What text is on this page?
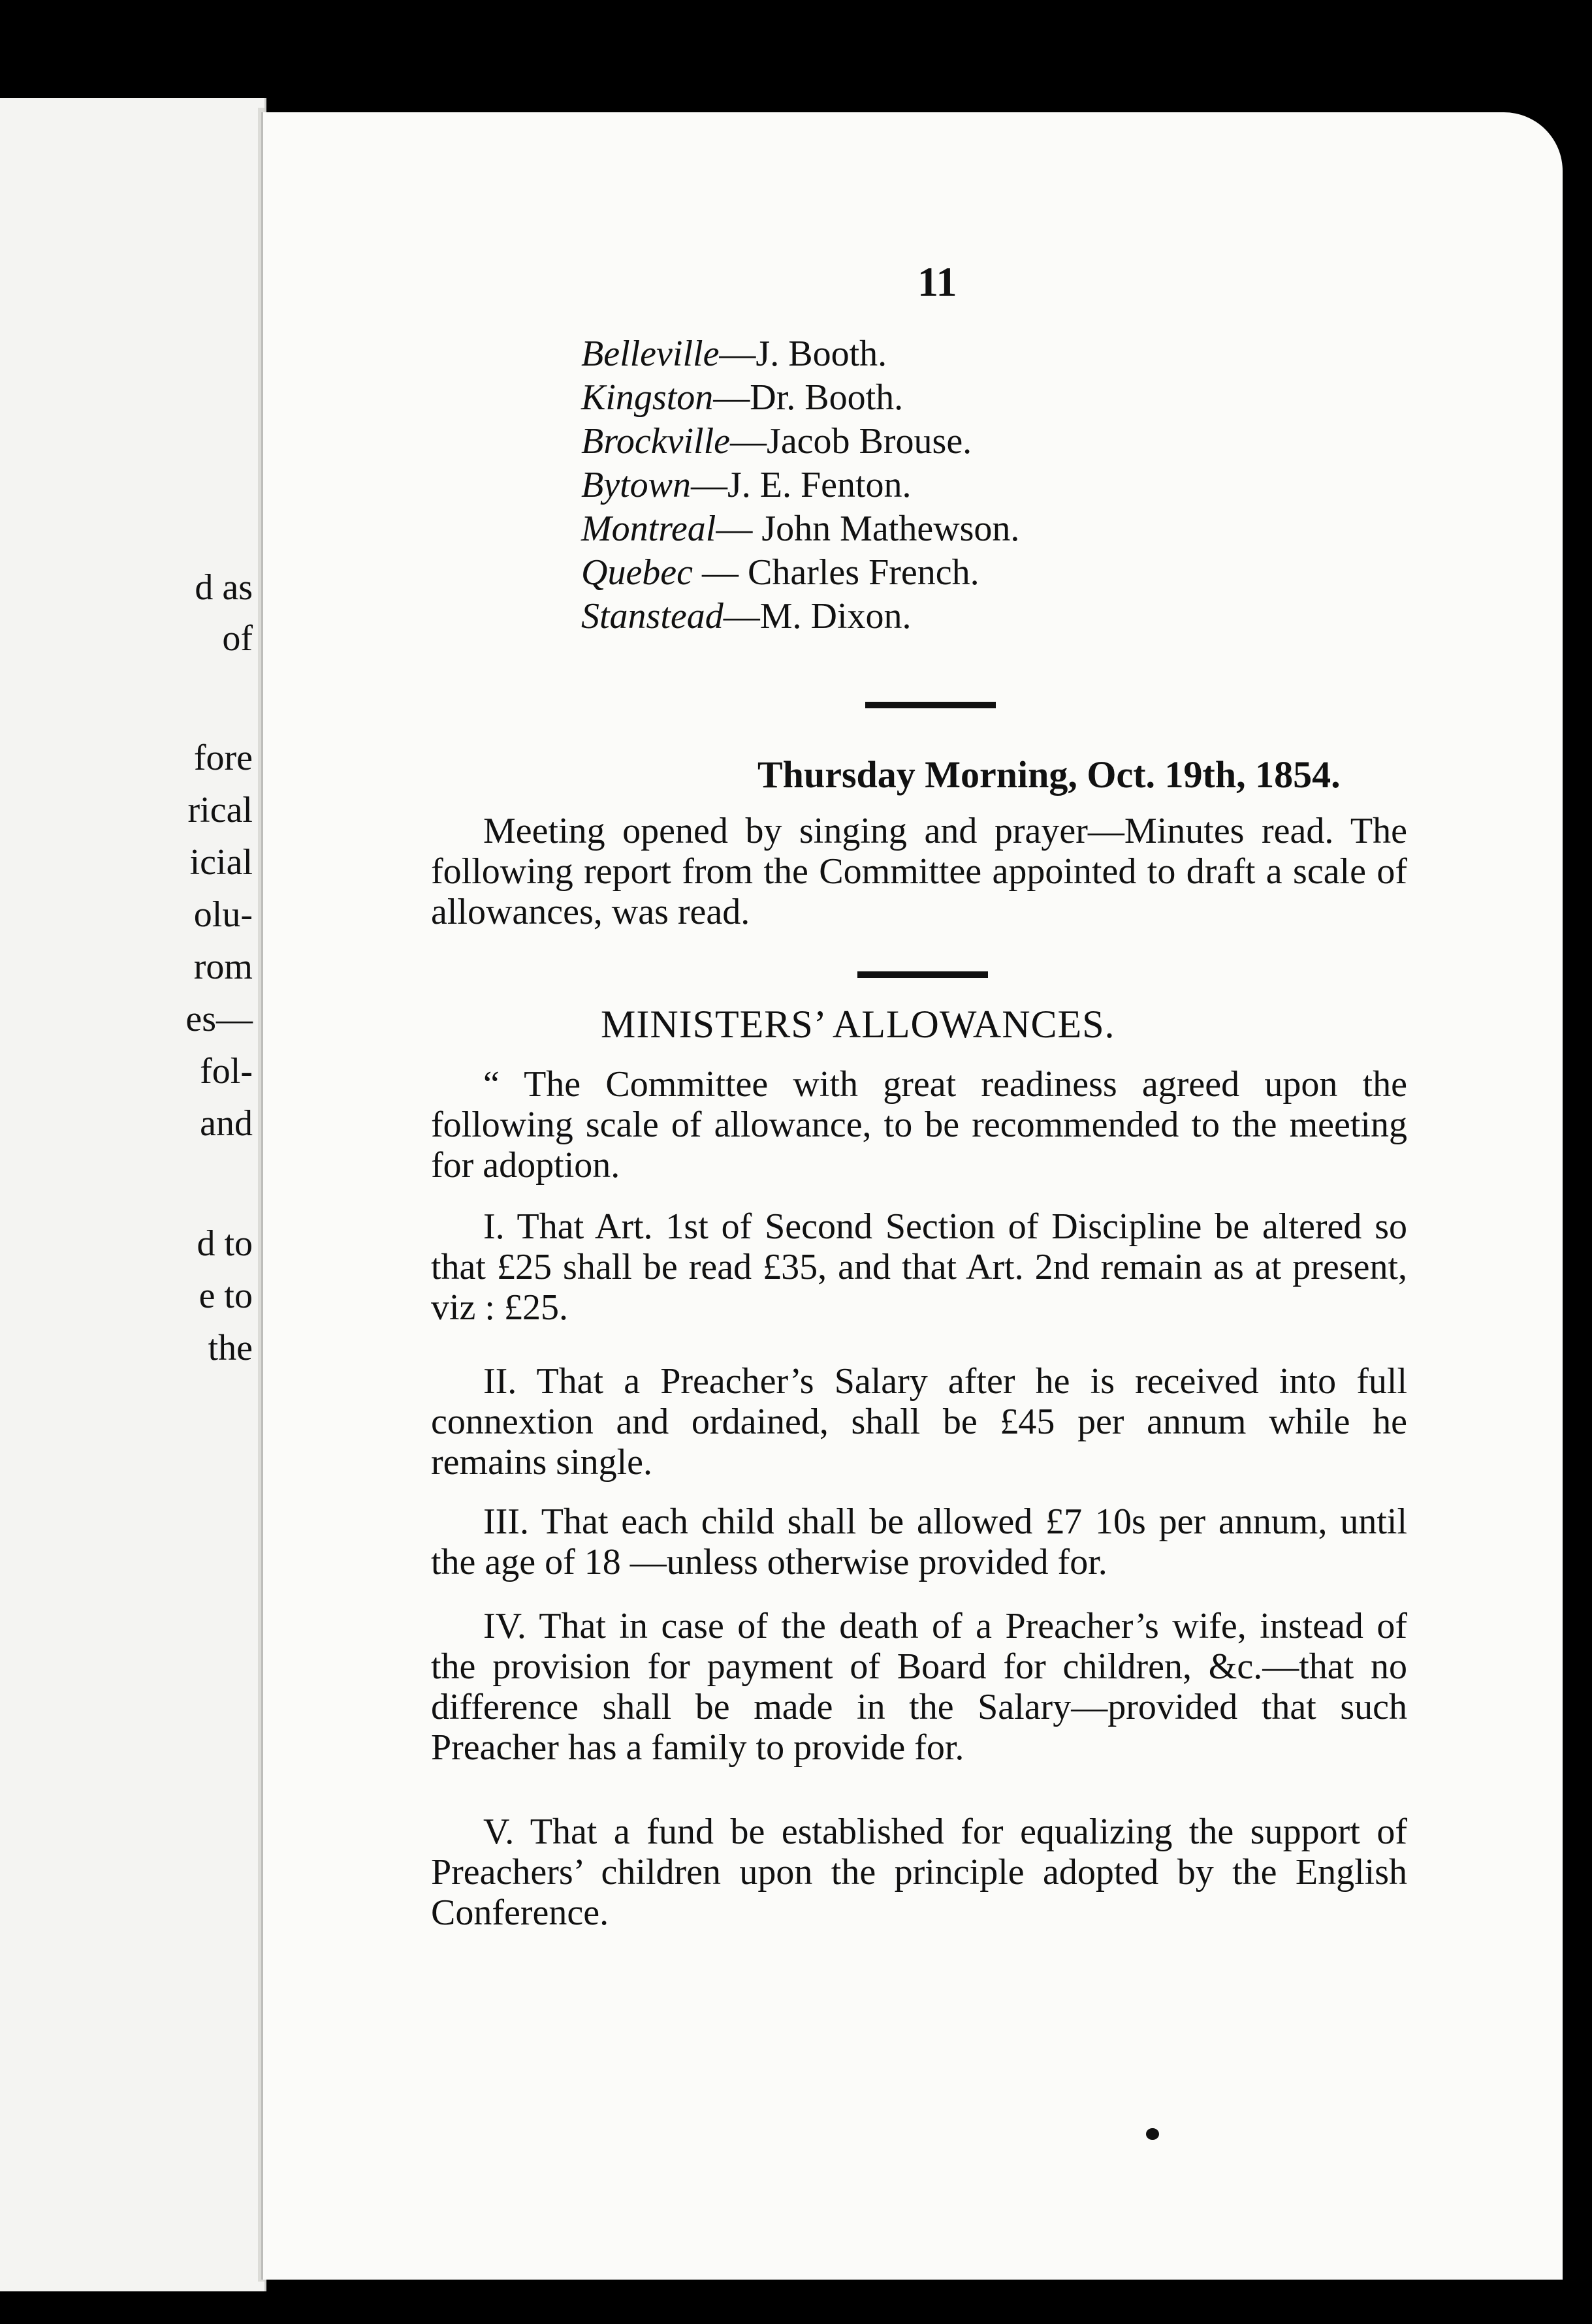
d as
of
fore
rical
icial
olu-
rom
es—
fol-
and
d to
e to
the
11
Belleville—J. Booth.
Kingston—Dr. Booth.
Brockville—Jacob Brouse.
Bytown—J. E. Fenton.
Montreal— John Mathewson.
Quebec — Charles French.
Stanstead—M. Dixon.
Thursday Morning, Oct. 19th, 1854.
Meeting opened by singing and prayer—Minutes read. The following report from the Committee appointed to draft a scale of allowances, was read.
MINISTERS’ ALLOWANCES.
“ The Committee with great readiness agreed upon the following scale of allowance, to be recommended to the meeting for adoption.
I. That Art. 1st of Second Section of Discipline be altered so that £25 shall be read £35, and that Art. 2nd remain as at present, viz : £25.
II. That a Preacher’s Salary after he is received into full connextion and ordained, shall be £45 per annum while he remains single.
III. That each child shall be allowed £7 10s per annum, until the age of 18 —unless otherwise provided for.
IV. That in case of the death of a Preacher’s wife, instead of the provision for payment of Board for children, &c.—that no difference shall be made in the Salary—provided that such Preacher has a family to provide for.
V. That a fund be established for equalizing the support of Preachers’ children upon the principle adopted by the English Conference.
